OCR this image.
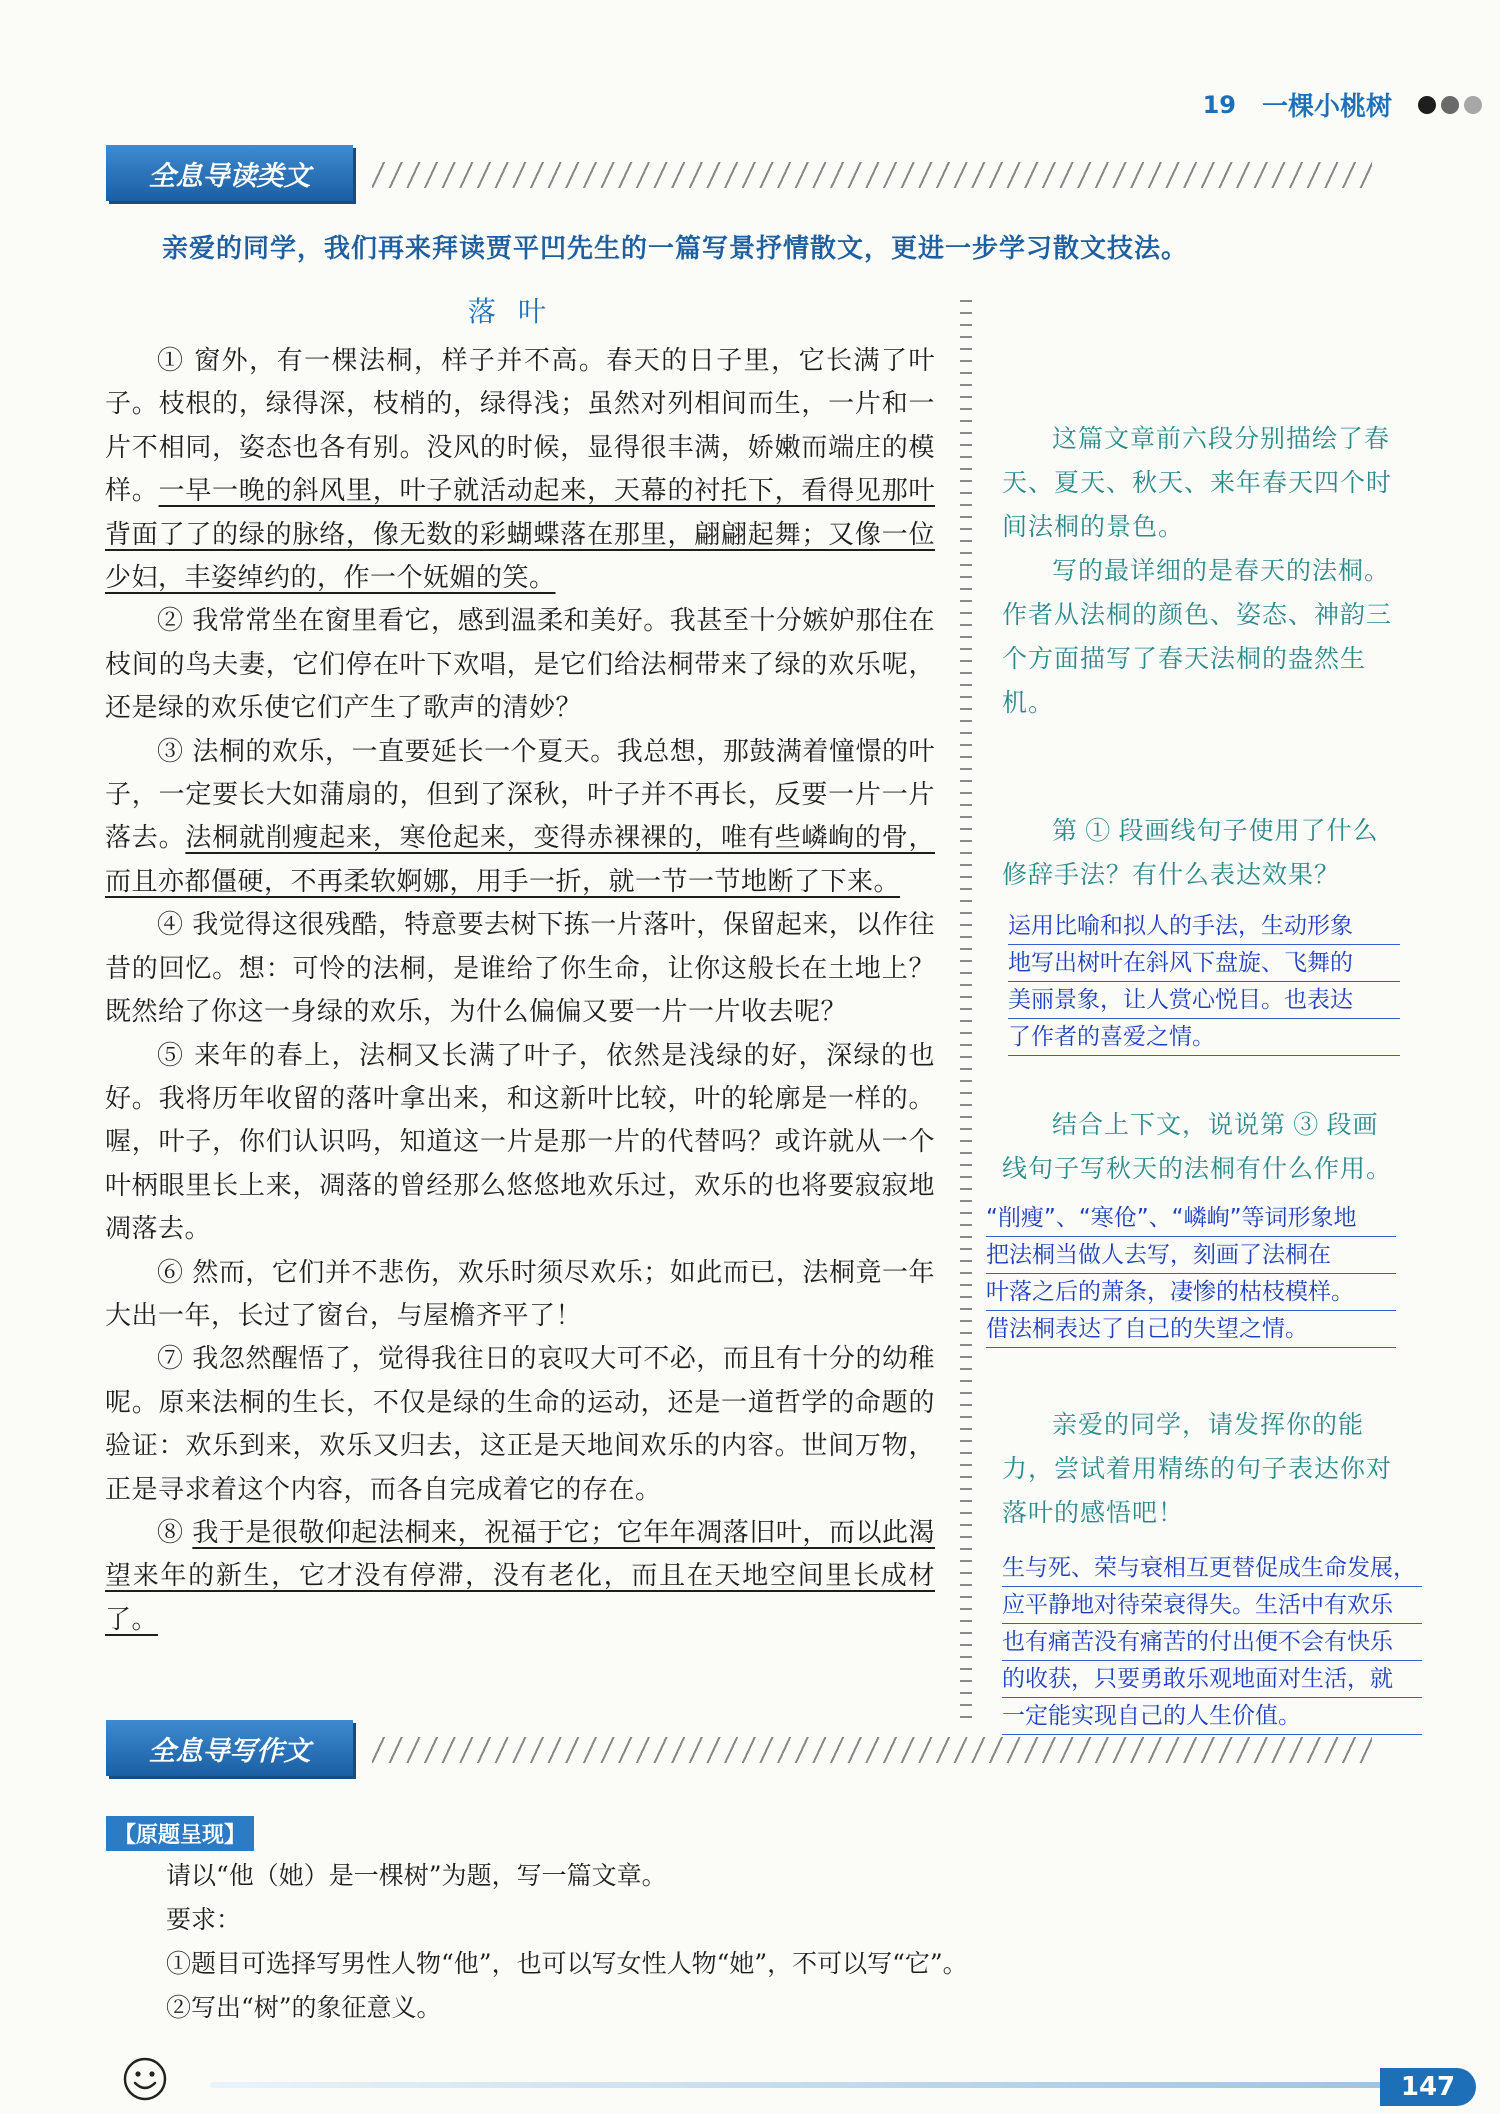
19 一棵小桃树
全息导读类文
亲爱的同学，我们再来拜读贾平凹先生的一篇写景抒情散文，更进一步学习散文技法。
落叶

① 窗外，有一棵法桐，样子并不高。春天的日子里，它长满了叶子。枝根的，绿得深，枝梢的，绿得浅；虽然对列相间而生，一片和一片不相同，姿态也各有别。没风的时候，显得很丰满，娇嫩而端庄的模样。一早一晚的斜风里，叶子就活动起来，天幕的衬托下，看得见那叶背面了了的绿的脉络，像无数的彩蝴蝶落在那里，翩翩起舞；又像一位少妇，丰姿绰约的，作一个妩媚的笑。

② 我常常坐在窗里看它，感到温柔和美好。我甚至十分嫉妒那住在枝间的鸟夫妻，它们停在叶下欢唱，是它们给法桐带来了绿的欢乐呢，还是绿的欢乐使它们产生了歌声的清妙？

③ 法桐的欢乐，一直要延长一个夏天。我总想，那鼓满着憧憬的叶子，一定要长大如蒲扇的，但到了深秋，叶子并不再长，反要一片一片落去。法桐就削瘦起来，寒伧起来，变得赤裸裸的，唯有些嶙峋的骨，而且亦都僵硬，不再柔软婀娜，用手一折，就一节一节地断了下来。

④ 我觉得这很残酷，特意要去树下拣一片落叶，保留起来，以作往昔的回忆。想：可怜的法桐，是谁给了你生命，让你这般长在土地上？既然给了你这一身绿的欢乐，为什么偏偏又要一片一片收去呢？

⑤ 来年的春上，法桐又长满了叶子，依然是浅绿的好，深绿的也好。我将历年收留的落叶拿出来，和这新叶比较，叶的轮廓是一样的。喔，叶子，你们认识吗，知道这一片是那一片的代替吗？或许就从一个叶柄眼里长上来，凋落的曾经那么悠悠地欢乐过，欢乐的也将要寂寂地凋落去。

⑥ 然而，它们并不悲伤，欢乐时须尽欢乐；如此而已，法桐竟一年大出一年，长过了窗台，与屋檐齐平了！

⑦ 我忽然醒悟了，觉得我往日的哀叹大可不必，而且有十分的幼稚呢。原来法桐的生长，不仅是绿的生命的运动，还是一道哲学的命题的验证：欢乐到来，欢乐又归去，这正是天地间欢乐的内容。世间万物，正是寻求着这个内容，而各自完成着它的存在。

⑧ 我于是很敬仰起法桐来，祝福于它；它年年凋落旧叶，而以此渴望来年的新生，它才没有停滞，没有老化，而且在天地空间里长成材了。

这篇文章前六段分别描绘了春天、夏天、秋天、来年春天四个时间法桐的景色。

写的最详细的是春天的法桐。作者从法桐的颜色、姿态、神韵三个方面描写了春天法桐的盎然生机。

第 ① 段画线句子使用了什么修辞手法？有什么表达效果？

运用比喻和拟人的手法，生动形象
地写出树叶在斜风下盘旋、飞舞的
美丽景象，让人赏心悦目。也表达
了作者的喜爱之情。

结合上下文，说说第 ③ 段画线句子写秋天的法桐有什么作用。

“削瘦”、“寒伧”、“嶙峋”等词形象地
把法桐当做人去写，刻画了法桐在
叶落之后的萧条，凄惨的枯枝模样。
借法桐表达了自己的失望之情。

亲爱的同学，请发挥你的能力，尝试着用精练的句子表达你对落叶的感悟吧！

生与死、荣与衰相互更替促成生命发展，
应平静地对待荣衰得失。生活中有欢乐
也有痛苦没有痛苦的付出便不会有快乐
的收获，只要勇敢乐观地面对生活，就
一定能实现自己的人生价值。
全息导写作文
【原题呈现】
请以“他（她）是一棵树”为题，写一篇文章。
要求：
①题目可选择写男性人物“他”，也可以写女性人物“她”，不可以写“它”。
②写出“树”的象征意义。
147
